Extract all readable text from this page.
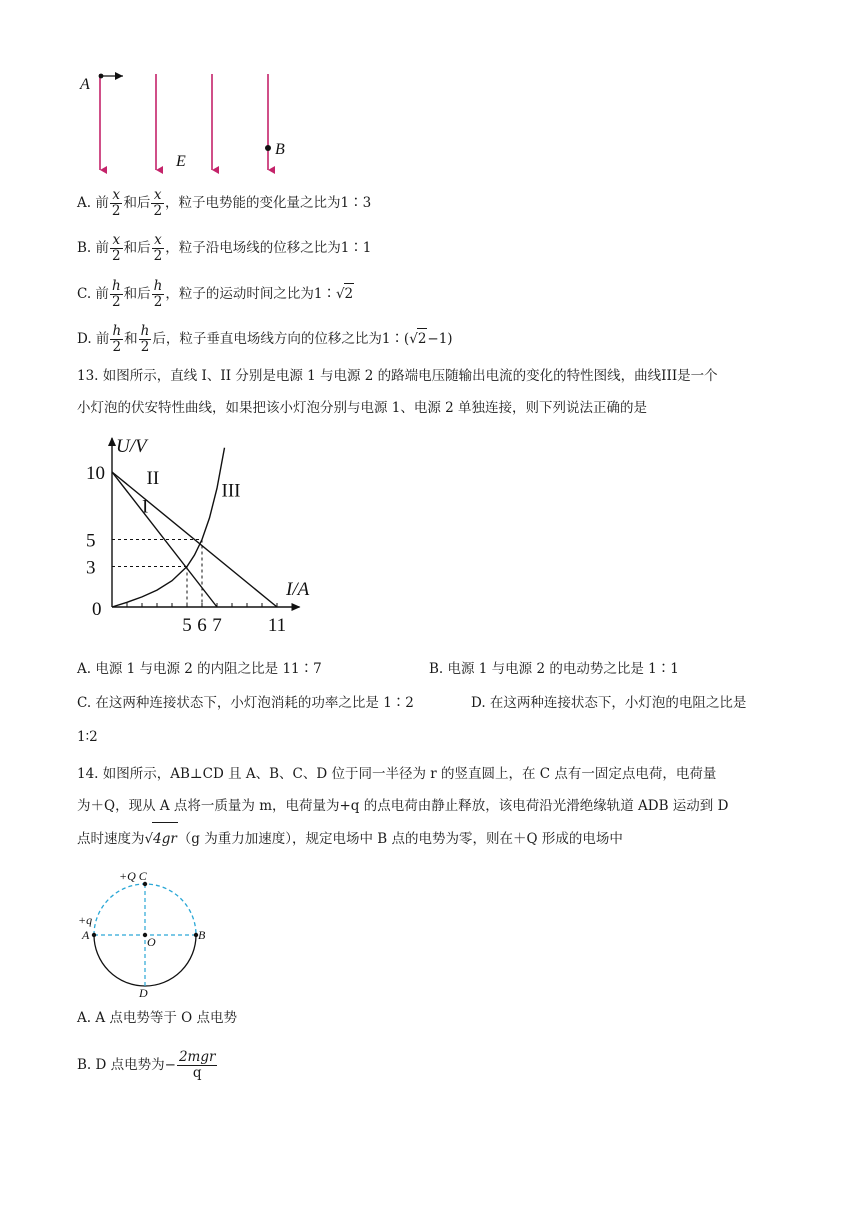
A
E
B
A. 前 $\frac{x}{2}$ 和后 $\frac{x}{2}$ ，粒子电势能的变化量之比为1∶3
B. 前 $\frac{x}{2}$ 和后 $\frac{x}{2}$ ，粒子沿电场线的位移之比为1∶1
C. 前 $\frac{h}{2}$ 和后 $\frac{h}{2}$ ，粒子的运动时间之比为1∶√2
D. 前 $\frac{h}{2}$ 和 $\frac{h}{2}$ 后，粒子垂直电场线方向的位移之比为1∶(√2−1)
13. 如图所示，直线 I、II 分别是电源 1 与电源 2 的路端电压随输出电流的变化的特性图线，曲线III是一个
小灯泡的伏安特性曲线，如果把该小灯泡分别与电源 1、电源 2 单独连接，则下列说法正确的是
I
II
III
10
5
3
5 6 7 11
0
U/V
I/A
A. 电源 1 与电源 2 的内阻之比是 11∶7	B. 电源 1 与电源 2 的电动势之比是 1∶1
C. 在这两种连接状态下，小灯泡消耗的功率之比是 1∶2	D. 在这两种连接状态下，小灯泡的电阻之比是
1∶2
14. 如图所示，AB⊥CD 且 A、B、C、D 位于同一半径为 r 的竖直圆上，在 C 点有一固定点电荷，电荷量
为＋Q，现从 A 点将一质量为 m，电荷量为+q 的点电荷由静止释放，该电荷沿光滑绝缘轨道 ADB 运动到 D
点时速度为√4gr（g 为重力加速度），规定电场中 B 点的电势为零，则在＋Q 形成的电场中
+Q C
+q
A	O	B
D
A. A 点电势等于 O 点电势
B. D 点电势为− $\frac{\text{2mgr}}{q}$
